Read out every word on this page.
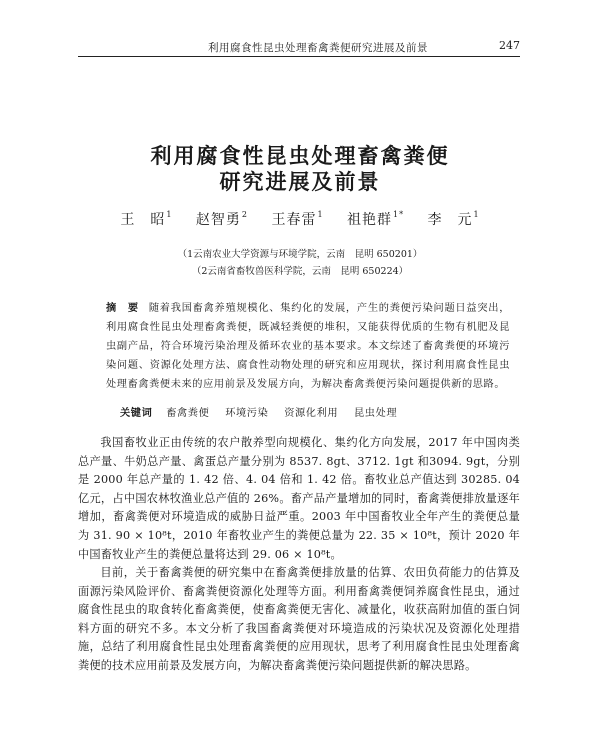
利用腐食性昆虫处理畜禽粪便研究进展及前景	247
利用腐食性昆虫处理畜禽粪便
研究进展及前景
王　昭$^1$ 赵智勇$^2$ 王春雷$^1$ 祖艳群$^{1*}$ 李　元$^1$
（1云南农业大学资源与环境学院，云南　昆明 650201）
（2云南省畜牧兽医科学院，云南　昆明 650224）

摘　要 随着我国畜禽养殖规模化、集约化的发展，产生的粪便污染问题日益突出，利用腐食性昆虫处理畜禽粪便，既减轻粪便的堆积，又能获得优质的生物有机肥及昆虫副产品，符合环境污染治理及循环农业的基本要求。本文综述了畜禽粪便的环境污染问题、资源化处理方法、腐食性动物处理的研究和应用现状，探讨利用腐食性昆虫处理畜禽粪便未来的应用前景及发展方向，为解决畜禽粪便污染问题提供新的思路。

关键词 畜禽粪便 环境污染 资源化利用 昆虫处理

我国畜牧业正由传统的农户散养型向规模化、集约化方向发展，2017 年中国肉类总产量、牛奶总产量、禽蛋总产量分别为 8537. 8gt、3712. 1gt 和3094. 9gt，分别是 2000 年总产量的 1. 42 倍、4. 04 倍和 1. 42 倍。畜牧业总产值达到 30285. 04 亿元，占中国农林牧渔业总产值的 26%。畜产品产量增加的同时，畜禽粪便排放量逐年增加，畜禽粪便对环境造成的威胁日益严重。2003 年中国畜牧业全年产生的粪便总量为 31. 90 × 10⁸t，2010 年畜牧业产生的粪便总量为 22. 35 × 10⁸t，预计 2020 年中国畜牧业产生的粪便总量将达到 29. 06 × 10⁸t。

目前，关于畜禽粪便的研究集中在畜禽粪便排放量的估算、农田负荷能力的估算及面源污染风险评价、畜禽粪便资源化处理等方面。利用畜禽粪便饲养腐食性昆虫，通过腐食性昆虫的取食转化畜禽粪便，使畜禽粪便无害化、减量化，收获高附加值的蛋白饲料方面的研究不多。本文分析了我国畜禽粪便对环境造成的污染状况及资源化处理措施，总结了利用腐食性昆虫处理畜禽粪便的应用现状，思考了利用腐食性昆虫处理畜禽粪便的技术应用前景及发展方向，为解决畜禽粪便污染问题提供新的解决思路。
